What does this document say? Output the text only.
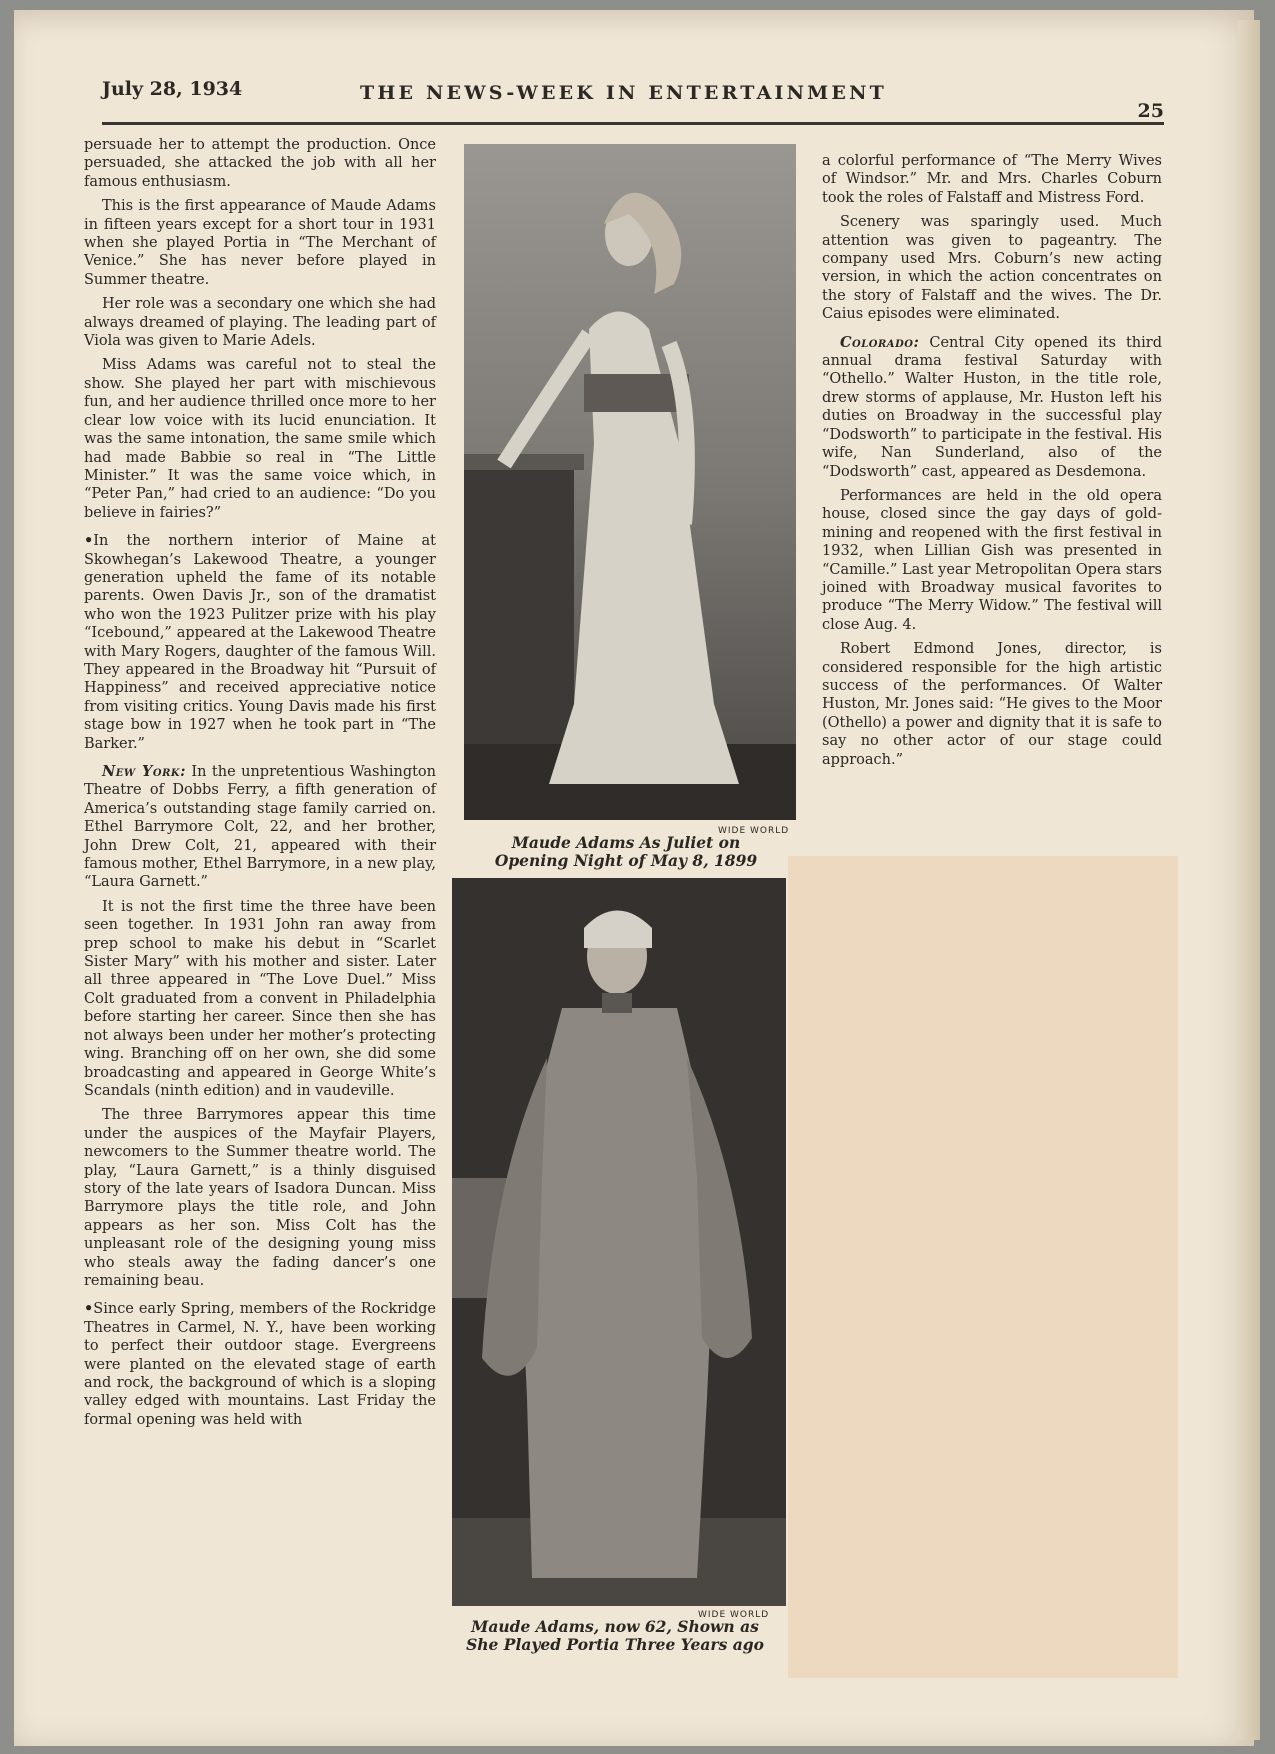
July 28, 1934	THE NEWS-WEEK IN ENTERTAINMENT
25

persuade her to attempt the production. Once persuaded, she attacked the job with all her famous enthusiasm.

This is the first appearance of Maude Adams in fifteen years except for a short tour in 1931 when she played Portia in “The Merchant of Venice.” She has never before played in Summer theatre.

Her role was a secondary one which she had always dreamed of playing. The leading part of Viola was given to Marie Adels.

Miss Adams was careful not to steal the show. She played her part with mischievous fun, and her audience thrilled once more to her clear low voice with its lucid enunciation. It was the same intonation, the same smile which had made Babbie so real in “The Little Minister.” It was the same voice which, in “Peter Pan,” had cried to an audience: “Do you believe in fairies?”

• In the northern interior of Maine at Skowhegan’s Lakewood Theatre, a younger generation upheld the fame of its notable parents. Owen Davis Jr., son of the dramatist who won the 1923 Pulitzer prize with his play “Icebound,” appeared at the Lakewood Theatre with Mary Rogers, daughter of the famous Will. They appeared in the Broadway hit “Pursuit of Happiness” and received appreciative notice from visiting critics. Young Davis made his first stage bow in 1927 when he took part in “The Barker.”

New York: In the unpretentious Washington Theatre of Dobbs Ferry, a fifth generation of America’s outstanding stage family carried on. Ethel Barrymore Colt, 22, and her brother, John Drew Colt, 21, appeared with their famous mother, Ethel Barrymore, in a new play, “Laura Garnett.”

It is not the first time the three have been seen together. In 1931 John ran away from prep school to make his debut in “Scarlet Sister Mary” with his mother and sister. Later all three appeared in “The Love Duel.” Miss Colt graduated from a convent in Philadelphia before starting her career. Since then she has not always been under her mother’s protecting wing. Branching off on her own, she did some broadcasting and appeared in George White’s Scandals (ninth edition) and in vaudeville.

The three Barrymores appear this time under the auspices of the Mayfair Players, newcomers to the Summer theatre world. The play, “Laura Garnett,” is a thinly disguised story of the late years of Isadora Duncan. Miss Barrymore plays the title role, and John appears as her son. Miss Colt has the unpleasant role of the designing young miss who steals away the fading dancer’s one remaining beau.

• Since early Spring, members of the Rockridge Theatres in Carmel, N. Y., have been working to perfect their outdoor stage. Evergreens were planted on the elevated stage of earth and rock, the background of which is a sloping valley edged with mountains. Last Friday the formal opening was held with

WIDE WORLD
Maude Adams As Juliet on
Opening Night of May 8, 1899
WIDE WORLD
Maude Adams, now 62, Shown as
She Played Portia Three Years ago

a colorful performance of “The Merry Wives of Windsor.” Mr. and Mrs. Charles Coburn took the roles of Falstaff and Mistress Ford.

Scenery was sparingly used. Much attention was given to pageantry. The company used Mrs. Coburn’s new acting version, in which the action concentrates on the story of Falstaff and the wives. The Dr. Caius episodes were eliminated.

Colorado: Central City opened its third annual drama festival Saturday with “Othello.” Walter Huston, in the title role, drew storms of applause, Mr. Huston left his duties on Broadway in the successful play “Dodsworth” to participate in the festival. His wife, Nan Sunderland, also of the “Dodsworth” cast, appeared as Desdemona.

Performances are held in the old opera house, closed since the gay days of gold-mining and reopened with the first festival in 1932, when Lillian Gish was presented in “Camille.” Last year Metropolitan Opera stars joined with Broadway musical favorites to produce “The Merry Widow.” The festival will close Aug. 4.

Robert Edmond Jones, director, is considered responsible for the high artistic success of the performances. Of Walter Huston, Mr. Jones said: “He gives to the Moor (Othello) a power and dignity that it is safe to say no other actor of our stage could approach.”
